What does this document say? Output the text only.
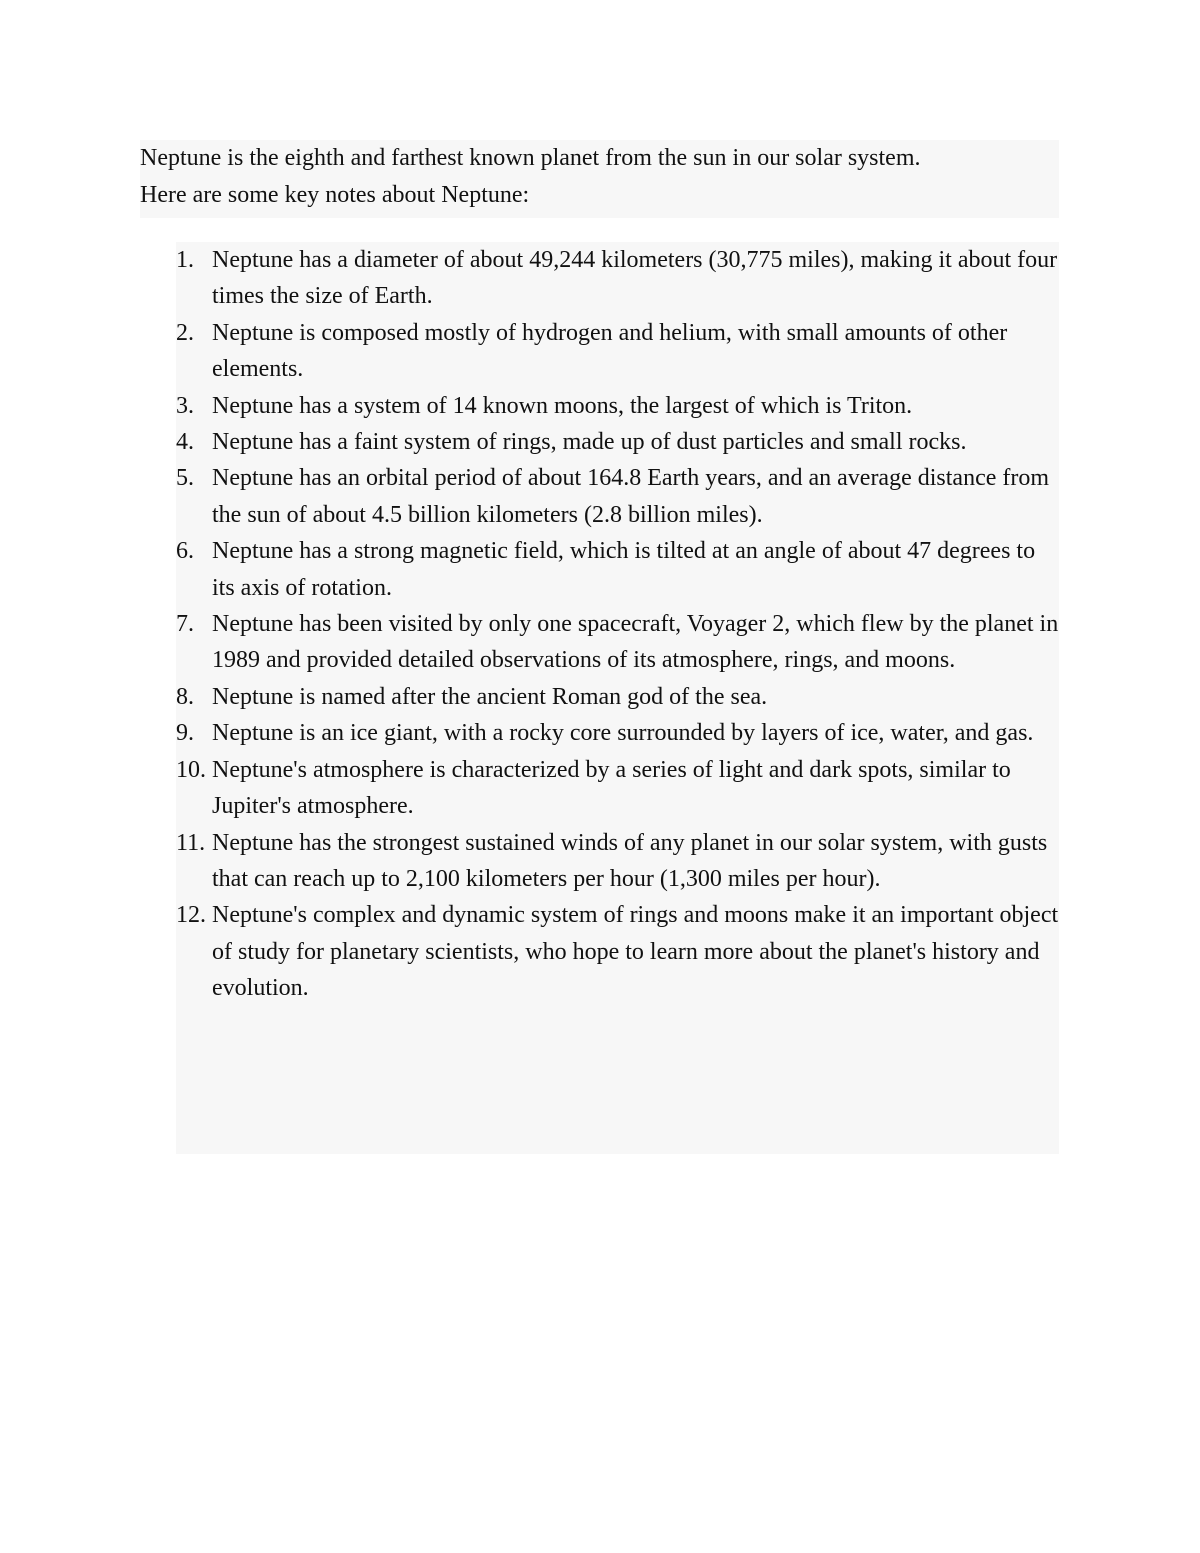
Neptune is the eighth and farthest known planet from the sun in our solar system.

Here are some key notes about Neptune:

1. Neptune has a diameter of about 49,244 kilometers (30,775 miles), making it about four times the size of Earth.
2. Neptune is composed mostly of hydrogen and helium, with small amounts of other elements.
3. Neptune has a system of 14 known moons, the largest of which is Triton.
4. Neptune has a faint system of rings, made up of dust particles and small rocks.
5. Neptune has an orbital period of about 164.8 Earth years, and an average distance from the sun of about 4.5 billion kilometers (2.8 billion miles).
6. Neptune has a strong magnetic field, which is tilted at an angle of about 47 degrees to its axis of rotation.
7. Neptune has been visited by only one spacecraft, Voyager 2, which flew by the planet in 1989 and provided detailed observations of its atmosphere, rings, and moons.
8. Neptune is named after the ancient Roman god of the sea.
9. Neptune is an ice giant, with a rocky core surrounded by layers of ice, water, and gas.
10. Neptune's atmosphere is characterized by a series of light and dark spots, similar to Jupiter's atmosphere.
11. Neptune has the strongest sustained winds of any planet in our solar system, with gusts that can reach up to 2,100 kilometers per hour (1,300 miles per hour).
12. Neptune's complex and dynamic system of rings and moons make it an important object of study for planetary scientists, who hope to learn more about the planet's history and evolution.
